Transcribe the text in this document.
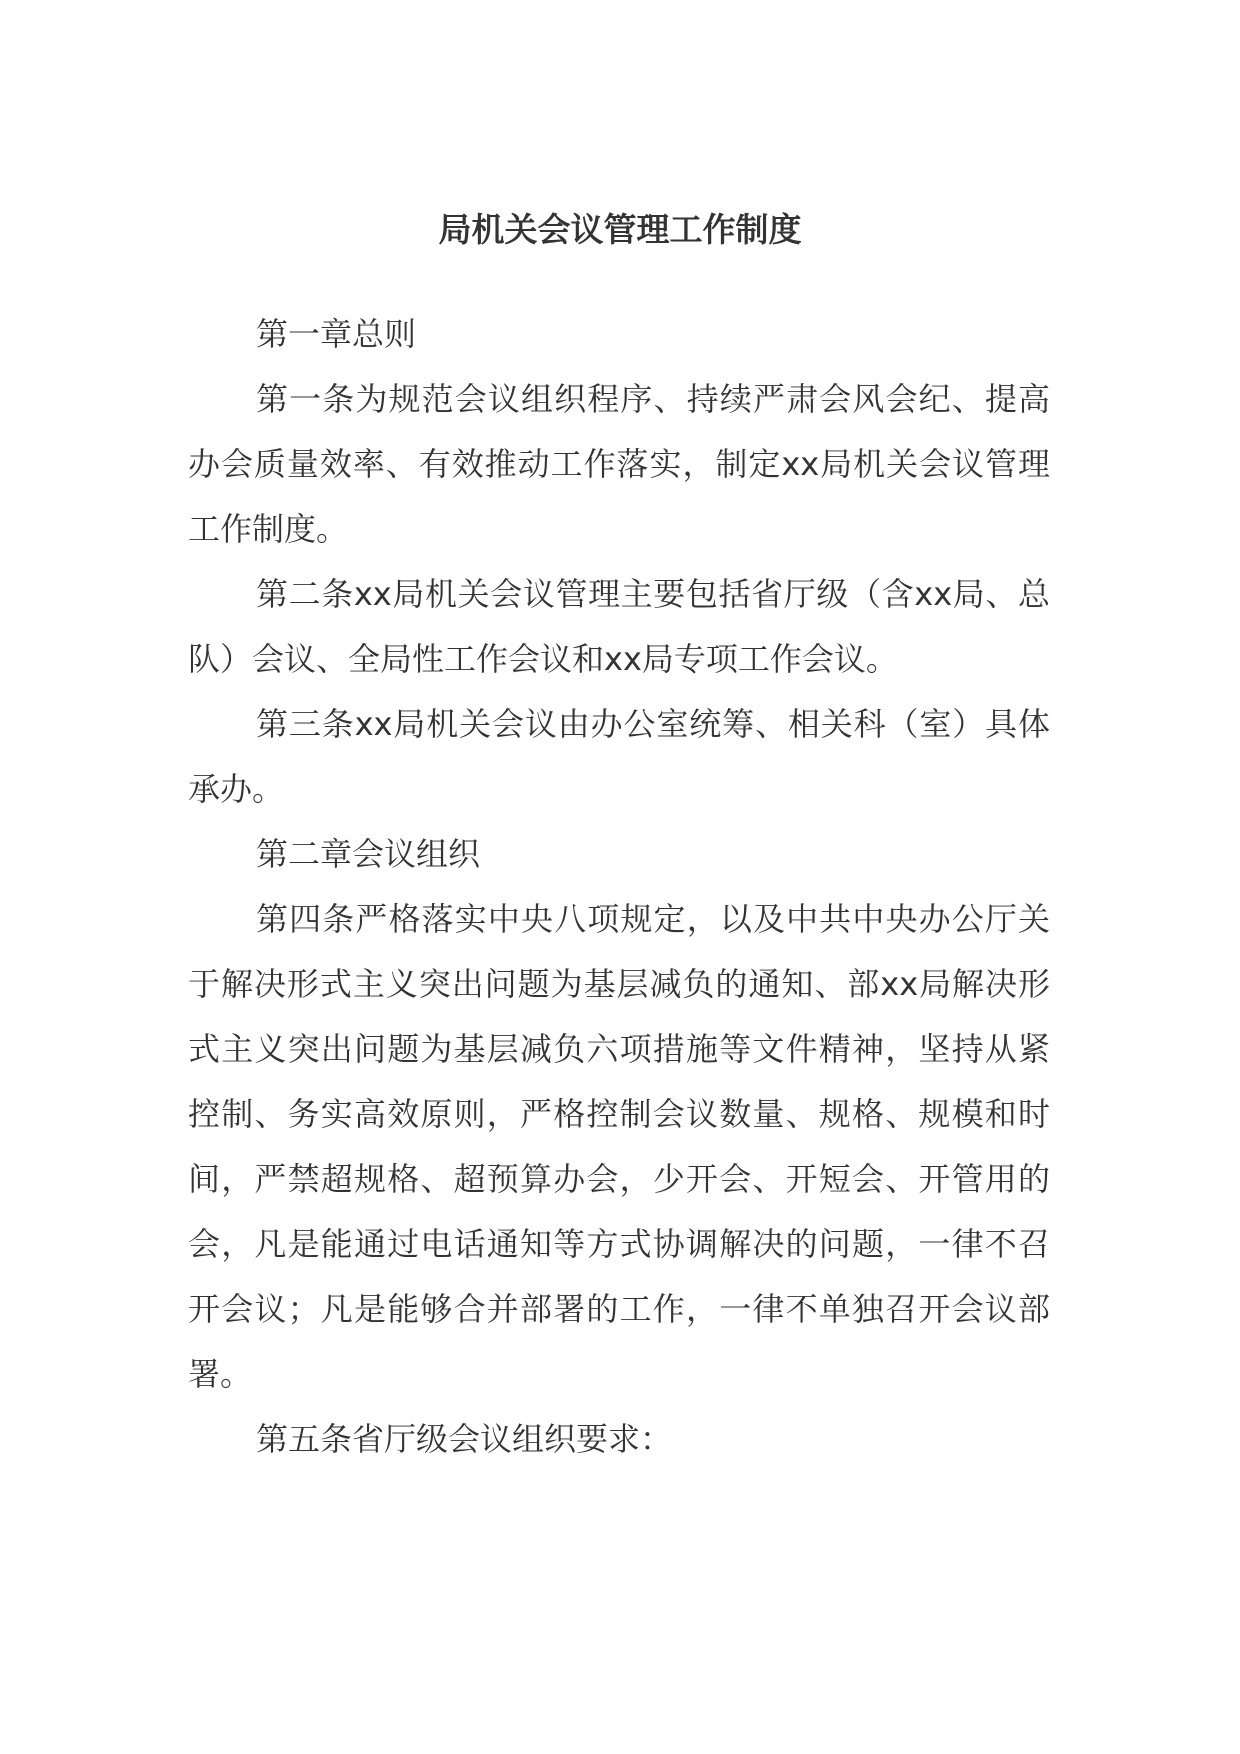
局机关会议管理工作制度

第一章总则

第一条为规范会议组织程序、持续严肃会风会纪、提高办会质量效率、有效推动工作落实，制定xx局机关会议管理工作制度。

第二条xx局机关会议管理主要包括省厅级（含xx局、总队）会议、全局性工作会议和xx局专项工作会议。

第三条xx局机关会议由办公室统筹、相关科（室）具体承办。

第二章会议组织

第四条严格落实中央八项规定，以及中共中央办公厅关于解决形式主义突出问题为基层减负的通知、部xx局解决形式主义突出问题为基层减负六项措施等文件精神，坚持从紧控制、务实高效原则，严格控制会议数量、规格、规模和时间，严禁超规格、超预算办会，少开会、开短会、开管用的会，凡是能通过电话通知等方式协调解决的问题，一律不召开会议；凡是能够合并部署的工作，一律不单独召开会议部署。

第五条省厅级会议组织要求：
